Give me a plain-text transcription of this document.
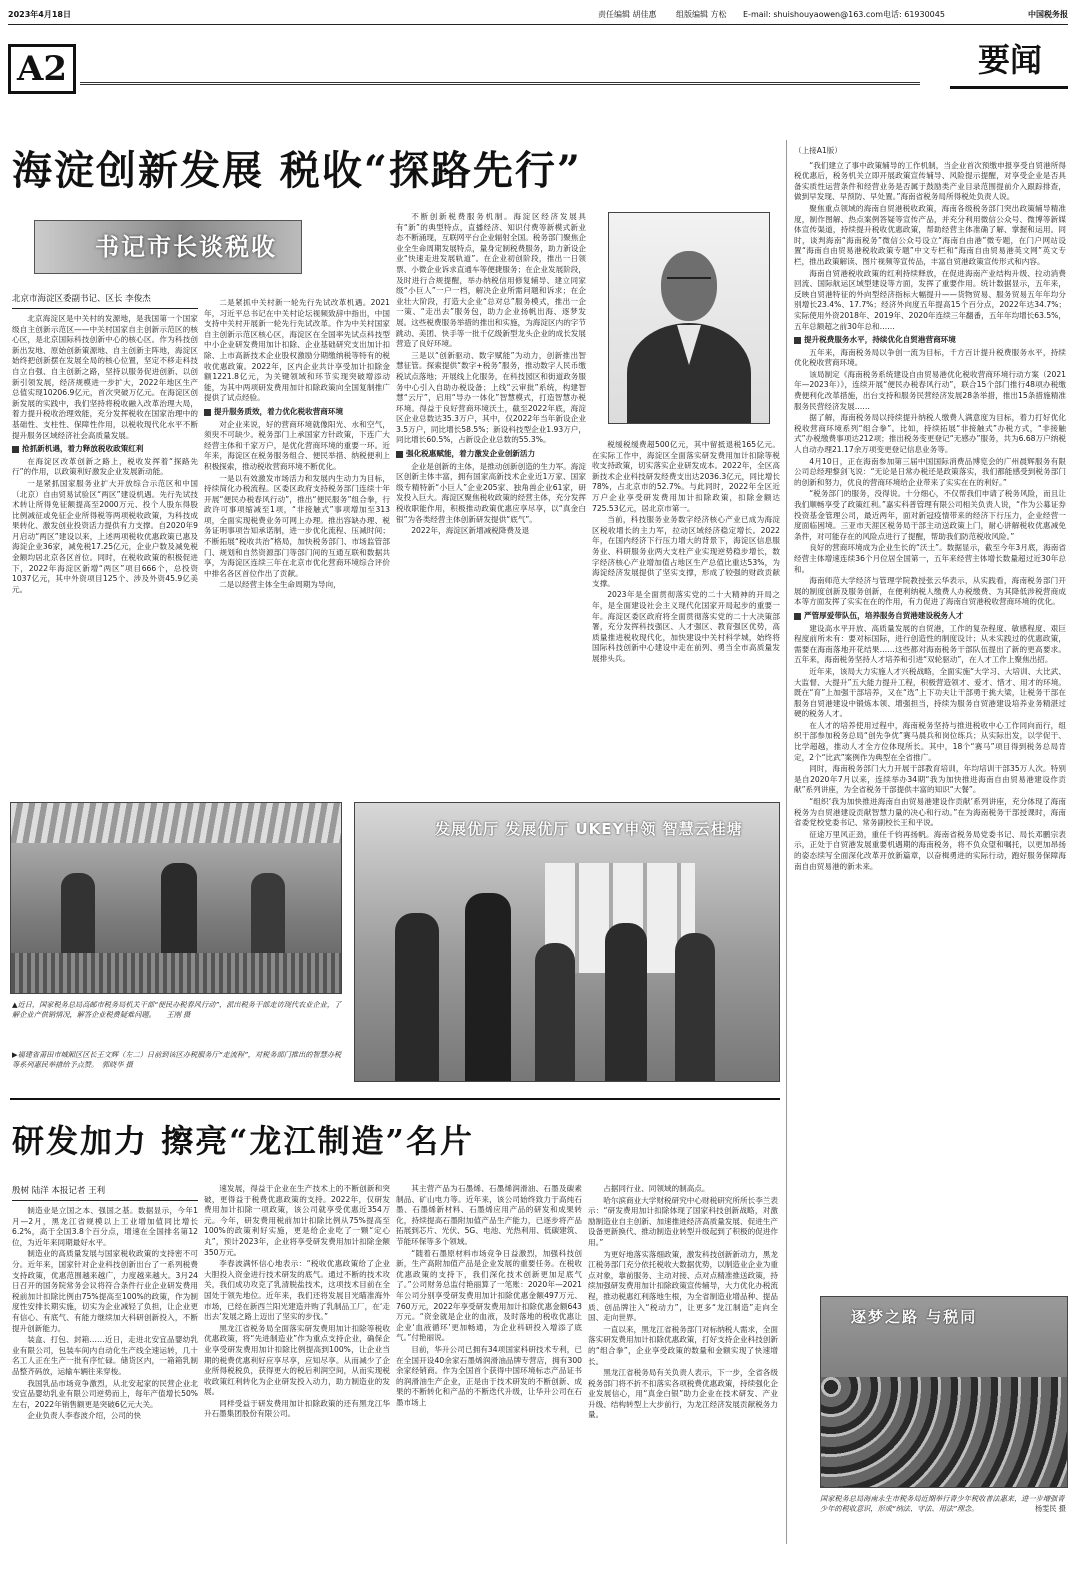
2023年4月18日	责任编辑 胡佳惠 组版编辑 方松 E-mail: shuishouyaowen@163.com 电话: 61930045	中国税务报
A2	要闻
海淀创新发展 税收“探路先行”
书记市长谈税收
北京市海淀区委副书记、区长 李俊杰

北京海淀区是中关村的发源地，是我国第一个国家级自主创新示范区——中关村国家自主创新示范区的核心区，是北京国际科技创新中心的核心区。作为科技创新出发地、原始创新策源地、自主创新主阵地，海淀区始终把创新摆在发展全局的核心位置，坚定不移走科技自立自强、自主创新之路，坚持以服务促进创新、以创新引领发展，经济规模进一步扩大，2022年地区生产总值实现10206.9亿元，首次突破万亿元。在海淀区创新发展的实践中，我们坚持将税收融入改革治理大局，着力提升税收治理效能，充分发挥税收在国家治理中的基础性、支柱性、保障性作用，以税收现代化水平不断提升服务区域经济社会高质量发展。

抢抓新机遇，着力释放税收政策红利

在海淀区改革创新之路上，税收发挥着“探路先行”的作用，以政策利好激发企业发展新动能。

一是紧抓国家服务业扩大开放综合示范区和中国（北京）自由贸易试验区“两区”建设机遇。先行先试技术转让所得免征额提高至2000万元、投个人股东得股比例减征或免征企业所得税等两项税收政策，为科技成果转化、激发创业投资活力提供有力支撑。自2020年9月启动“两区”建设以来，上述两项税收优惠政策已惠及海淀企业36家，减免税17.25亿元，企业户数及减免税金额均居北京各区首位。同时，在税收政策的积极促进下，2022年海淀区新增“两区”项目666个，总投资1037亿元，其中外资项目125个、涉及外资45.9亿美元。

二是紧抓中关村新一轮先行先试改革机遇。2021年，习近平总书记在中关村论坛视频致辞中指出，中国支持中关村开展新一轮先行先试改革。作为中关村国家自主创新示范区核心区，海淀区在全国率先试点科技型中小企业研发费用加计扣除、企业基础研究支出加计扣除、上市高新技术企业股权激励分期缴纳税等特有的税收优惠政策。2022年，区内企业共计享受加计扣除金额1221.8亿元，为关键领域和环节实现突破增添动能，为其中两项研发费用加计扣除政策向全国复制推广提供了试点经验。

提升服务质效，着力优化税收营商环境

对企业来说，好的营商环境就像阳光、水和空气，须臾不可缺少。税务部门上承国家方针政策，下连广大经营主体和千家万户，是优化营商环境的重要一环。近年来，海淀区在税务服务组合、便民举措、纳税便利上积极探索，推动税收营商环境不断优化。

一是以有效激发市场活力和发展内生动力为目标，持续简化办税流程。区委区政府支持税务部门连续十年开展“便民办税春风行动”，推出“便民服务”组合拳，行政许可事项缩减至1项，“非接触式”事项增加至313项，全面实现税费业务可网上办理。推出容缺办理、税务证明事项告知承诺制，进一步优化流程、压减时间；不断拓展“税收共治”格局，加快税务部门、市场监管部门、规划和自然资源部门等部门间的互通互联和数据共享，为海淀区连续三年在北京市优化营商环境综合评价中排名各区首位作出了贡献。

二是以经营主体全生命周期为导向，

不断创新税费服务机制。海淀区经济发展具有“新”的典型特点，直播经济、知识付费等新模式新业态不断涌现，互联网平台企业辐射全国。税务部门聚焦企业全生命周期发展特点，量身定制税费服务，助力新设企业“快速走进发展轨道”。在企业初创阶段，推出一日领票、小微企业诉求直通车等便捷服务；在企业发展阶段，及时进行合规提醒，举办纳税信用修复辅导、建立同家级“小巨人”一户一档，解决企业所需问题和诉求；在企业壮大阶段，打造大企业“总对总”服务模式，推出一企一策、“走出去”服务包，助力企业扬帆出海、逐梦发展。这些税费服务举措的推出和实施，为海淀区内的字节跳动、美团、快手等一批千亿级新型龙头企业的成长发展营造了良好环境。

三是以“创新驱动、数字赋能”为动力，创新推出智慧征管。探索提供“数字+税务”服务，推动数字人民币缴税试点落地；开展线上化服务，在科技园区和街道政务服务中心引入自助办税设备；上线“云审批”系统，构建智慧“云厅”，启用“导办一体化”智慧模式，打造智慧办税环境。得益于良好营商环境沃土，截至2022年底，海淀区企业总数达35.3万户，其中，仅2022年当年新设企业3.5万户，同比增长58.5%；新设科技型企业1.93万户，同比增长60.5%，占新设企业总数的55.3%。

强化税惠赋能，着力激发企业创新活力

企业是创新的主体，是推动创新创造的生力军。海淀区创新主体丰富，拥有国家高新技术企业近1万家、国家级专精特新“小巨人”企业205家、独角兽企业61家，研发投入巨大。海淀区聚焦税收政策的经营主体，充分发挥税收职能作用，积极推动政策优惠应享尽享，以“真金白银”为各类经营主体创新研发提供“底气”。

2022年，海淀区新增减税降费及退

税缓税缓费超500亿元，其中留抵退税165亿元。在实际工作中，海淀区全面落实研发费用加计扣除等税收支持政策，切实落实企业研发成本。2022年，全区高新技术企业科技研发经费支出达2036.3亿元，同比增长78%，占北京市的52.7%。与此同时，2022年全区近万户企业享受研发费用加计扣除政策，扣除金额达725.53亿元，居北京市第一。

当前，科技服务业务数字经济核心产业已成为海淀区税收增长的主力军，拉动区域经济稳定增长。2022年，在国内经济下行压力增大的背景下，海淀区信息服务业、科研服务业两大支柱产业实现逆势稳步增长，数字经济核心产业增加值占地区生产总值比重达53%，为海淀经济发展提供了坚实支撑，形成了较强的财政贡献支撑。

2023年是全面贯彻落实党的二十大精神的开局之年，是全面建设社会主义现代化国家开局起步的重要一年。海淀区委区政府将全面贯彻落实党的二十大决策部署，充分发挥科技强区、人才强区、教育强区优势，高质量推进税收现代化，加快建设中关村科学城，始终将国际科技创新中心建设中走在前列、勇当全市高质量发展排头兵。

▲近日，国家税务总局高邮市税务局机关干部“便民办税春风行动”，派出税务干部走访现代农业企业，了解企业产供销情况，解答企业税费疑难问题。　　王刚 摄
▶福建省莆田市城厢区区长王文辉（左二）日前到该区办税服务厅“走流程”，对税务部门推出的智慧办税等系列惠民举措给予点赞。　郭晓华 摄
发展优厅 发展优厅 UKEY申领 智慧云桂塘
研发加力 擦亮“龙江制造”名片
殷树 陆洋 本报记者 王利

制造业是立国之本、强国之基。数据显示，今年1月—2月，黑龙江省规模以上工业增加值同比增长6.2%，高于全国3.8个百分点，增速在全国排名第12位，为近年来同期最好水平。

制造业的高质量发展与国家税收政策的支持密不可分。近年来，国家针对企业科技创新出台了一系列税费支持政策，优惠范围越来越广，力度越来越大。3月24日召开的国务院常务会议将符合条件行业企业研发费用税前加计扣除比例由75%提高至100%的政策，作为制度性安排长期实施，切实为企业减轻了负担，让企业更有信心、有底气、有能力继续加大科研创新投入，不断提升创新能力。

装盒、打包、封箱……近日，走进北安宜品婴幼乳业有限公司，包装车间内自动化生产线全速运转，几十名工人正在生产一批有序忙碌。储货区内，一箱箱乳制品整齐码放，运输车辆往来穿梭。

我国乳品市场竞争激烈，从北安起家的民营企业北安宜品婴幼乳业有限公司逆势而上，每年产值增长50%左右，2022年销售额更是突破6亿元大关。

企业负责人李春波介绍，公司的快

速发展，得益于企业在生产技术上的不断创新和突破，更得益于税费优惠政策的支持。2022年，仅研发费用加计扣除一项政策，该公司就享受优惠近354万元。今年，研发费用税前加计扣除比例从75%提高至100%的政策利好实施，更是给企业吃了一颗“定心丸”，预计2023年，企业将享受研发费用加计扣除金额350万元。

李春波满怀信心地表示：“税收优惠政策给了企业大胆投入资金进行技术研发的底气。通过不断的技术攻关，我们成功攻克了乳清脱盐技术，这项技术目前在全国处于领先地位。近年来，我们还将发展目光瞄准海外市场，已经在新西兰阳光建造并购了乳制品工厂，在‘走出去’发展之路上迈出了坚实的步伐。”

黑龙江省税务局全面落实研发费用加计扣除等税收优惠政策，将“先进制造业”作为重点支持企业，确保企业享受研发费用加计扣除比例提高到100%，让企业当期的税费优惠利好应享尽享，应知尽享。从而减少了企业所得税税负，获得更大的税后利润空间，从而实现税收政策红利转化为企业研发投入动力，助力制造业的发展。

同样受益于研发费用加计扣除政策的还有黑龙江华升石墨集团股份有限公司。

其主营产品为石墨烯、石墨烯润滑油、石墨及碳素制品、矿山电力等。近年来，该公司始终致力于高纯石墨、石墨烯新材料、石墨烯应用产品的研发和成果转化，持续提高石墨附加值产品生产能力，已逐步将产品拓展到芯片、光伏、5G、电池、光热利用、低碳建筑、节能环保等多个领域。

“随着石墨原材料市场竞争日益激烈，加强科技创新，生产高附加值产品是企业发展的重要任务。在税收优惠政策的支持下，我们深化技术创新更加足底气了。”公司财务总监付艳丽算了一笔账：2020年—2021年公司分别享受研发费用加计扣除优惠金额497万元、760万元，2022年享受研发费用加计扣除优惠金额643万元。“资金就是企业的血液，及时落地的税收优惠让企业‘血液循环’更加畅通，为企业科研投入增添了底气。”付艳丽说。

目前，华升公司已拥有34项国家科研技术专利，已在全国开设40余家石墨烯润滑油品牌专营店，拥有300余家经销商。作为全国首个获得中国环境标志产品证书的润滑油生产企业，正是由于技术研发的不断创新、成果的不断转化和产品的不断迭代升级，让华升公司在石墨市场上

占据同行业、同领域的制高点。

哈尔滨商业大学财税研究中心财税研究所所长李兰表示：“研发费用加计扣除体现了国家科技创新战略，对激励制造业自主创新、加速推进经济高质量发展、促进生产设备更新换代、推动制造业转型升级起到了积极的促进作用。”

为更好地落实落细政策，激发科技创新新动力，黑龙江税务部门充分依托税收大数据优势，以制造业企业为重点对象，靠前服务、主动对接、点对点精准推送政策，持续加强研发费用加计扣除政策宣传辅导，大力优化办税流程，推动税惠红利落地生根，为全省制造业增品种、提品质、创品牌注入“税动力”，让更多“龙江制造”走向全国、走向世界。

一直以来，黑龙江省税务部门对标纳税人需求，全面落实研发费用加计扣除优惠政策，打好支持企业科技创新的“组合拳”，企业享受政策的数量和金额实现了快速增长。

黑龙江省税务局有关负责人表示，下一步，全省各级税务部门将不折不扣落实各项税费优惠政策，持续强化企业发展信心，用“真金白银”助力企业在技术研发、产业升级、结构转型上大步前行，为龙江经济发展贡献税务力量。

（上接A1版）

“我们建立了事中政策辅导的工作机制，当企业首次预缴申报享受自贸港所得税优惠后，税务机关立即开展政策宣传辅导、风险提示提醒，对享受企业是否具备实质性运营条件和经营业务是否属于鼓励类产业目录范围提前介入跟踪排查，做到早发现、早预防、早处置。”海南省税务局所得税处负责人说。

聚焦重点领域的海南自贸港税收政策，海南各级税务部门突出政策辅导精准度，制作图解、热点案例答疑等宣传产品，并充分利用微信公众号、微博等新媒体宣传渠道，持续提升税收优惠政策，帮助经营主体准确了解、掌握和运用。同时，谈判海南“海南税务”微信公众号设立“海南自由港”微专题，在门户网站设置“海南自由贸易港税收政策专题”中文专栏和“海南自由贸易港英文网”英文专栏，推出政策解读、图片视频等宣传品，丰富自贸港政策宣传形式和内容。

海南自贸港税收政策的红利持续释放，在促进海南产业结构升级、拉动消费回流、国际航运区域型建设等方面，发挥了重要作用。统计数据显示，五年来，反映自贸港特征的外向型经济指标大幅提升——货物贸易、服务贸易五年年均分别增长23.4%、17.7%；经济外向度五年提高15个百分点，2022年达34.7%；实际使用外资2018年、2019年、2020年连续三年翻番，五年年均增长63.5%，五年总额超之前30年总和……

提升税费服务水平，持续优化自贸港营商环境

五年来，海南税务局以争创一流为目标，千方百计提升税费服务水平，持续优化税收营商环境。

该局制定《海南税务系统建设自由贸易港优化税收营商环境行动方案（2021年—2023年）》，连续开展“便民办税春风行动”，联合15个部门推行48项办税缴费便利化改革措施，出台支持和服务民营经济发展28条举措，推出15条措施精准服务民营经济发展……

据了解，海南税务局以持续提升纳税人缴费人满意度为目标，着力打好优化税收营商环境系列“组合拳”。比如，持续拓展“非接触式”办税方式，“非接触式”办税缴费事项达212项；推出税务变更登记“无感办”服务，共为6.68万户纳税人自动办理21.17余万项变更登记信息业务等。

4月10日，正在海南参加第三届中国国际消费品博览会的广州晨辉服务有限公司总经理黎剑飞说：“无论是日常办税还是政策落实，我们都能感受到税务部门的创新和努力，优良的营商环境给企业带来了实实在在的利好。”

“税务部门的服务，没得说。十分细心，不仅帮我们申请了税务风险，而且让我们顺畅享受了政策红利。”嘉实科普管理有限公司相关负责人说，“作为公募证券投资基金管理公司，最近两年，面对新冠疫情带来的经济下行压力，企业经营一度面临困境。三亚市天涯区税务局干部主动送政策上门，耐心讲解税收优惠减免条件，对可能存在的风险点进行了提醒，帮助我们防范税收风险。”

良好的营商环境成为企业生长的“沃土”。数据显示，截至今年3月底，海南省经营主体增速连续36个月位居全国第一，五年来经营主体增长数量超过近30年总和。

海南师范大学经济与管理学院教授张云华表示，从实践看，海南税务部门开展的制度创新及服务创新，在便利纳税人缴费人办税缴费、为其降低涉税营商成本等方面发挥了实实在在的作用，有力促进了海南自贸港税收营商环境的优化。

严管厚爱带队伍，培养服务自贸港建设税务人才

建设高水平开放、高质量发展的自贸港，工作的复杂程度、敏感程度、艰巨程度前所未有：要对标国际，进行创造性的制度设计；从未实践过的优惠政策，需要在海南落地开花结果……这些都对海南税务干部队伍提出了新的更高要求。五年来，海南税务坚持人才培养和引进“双轮驱动”，在人才工作上聚焦出招。

近年来，该局大力实施人才兴税战略，全面实施“大学习、大培训、大比武、大监督、大提升”五大能力提升工程，积极营造领才、爱才、惜才、用才的环境。既在“育”上加强干部培养，又在“选”上下功夫让干部勇于挑大梁，让税务干部在服务自贸港建设中锻炼本领、增强担当，持续为服务自贸港建设培养业务精湛过硬的税务人才。

在人才的培养使用过程中，海南税务坚持与推进税收中心工作同向而行，组织干部参加税务总局“创先争优”赛马晨兵和岗位练兵；从实际出发，以学促干、比学超越，推动人才全方位体现所长。其中，18个“赛马”项目得到税务总局肯定，2个“比武”案例作为典型在全省推广。

同时，海南税务部门大力开展干部教育培训，年均培训干部35万人次。特别是自2020年7月以来，连续举办34期“我为加快推进海南自由贸易港建设作贡献”系列讲座，为全省税务干部提供丰富的知识“大餐”。

“组织‘我为加快推进海南自由贸易港建设作贡献’系列讲座，充分体现了海南税务为自贸港建设贡献智慧力量的决心和行动。”在为海南税务干部授课时，海南省委党校党委书记、常务副校长王和平说。

征途万里风正劲，重任千钧再扬帆。海南省税务局党委书记、局长邓鹏宗表示，正处于自贸港发展重要机遇期的海南税务，将不负众望和嘱托，以更加昂扬的姿态续写全面深化改革开放新篇章，以奋楫勇进的实际行动，跑好服务保障海南自由贸易港的新未来。

逐梦之路 与税同
国家税务总局海南永生市税务局近期举行青少年税收普法惠来，进一步增强青少年的税收意识，形成“纳法、守法、用法”理念。	杨雯民 摄
